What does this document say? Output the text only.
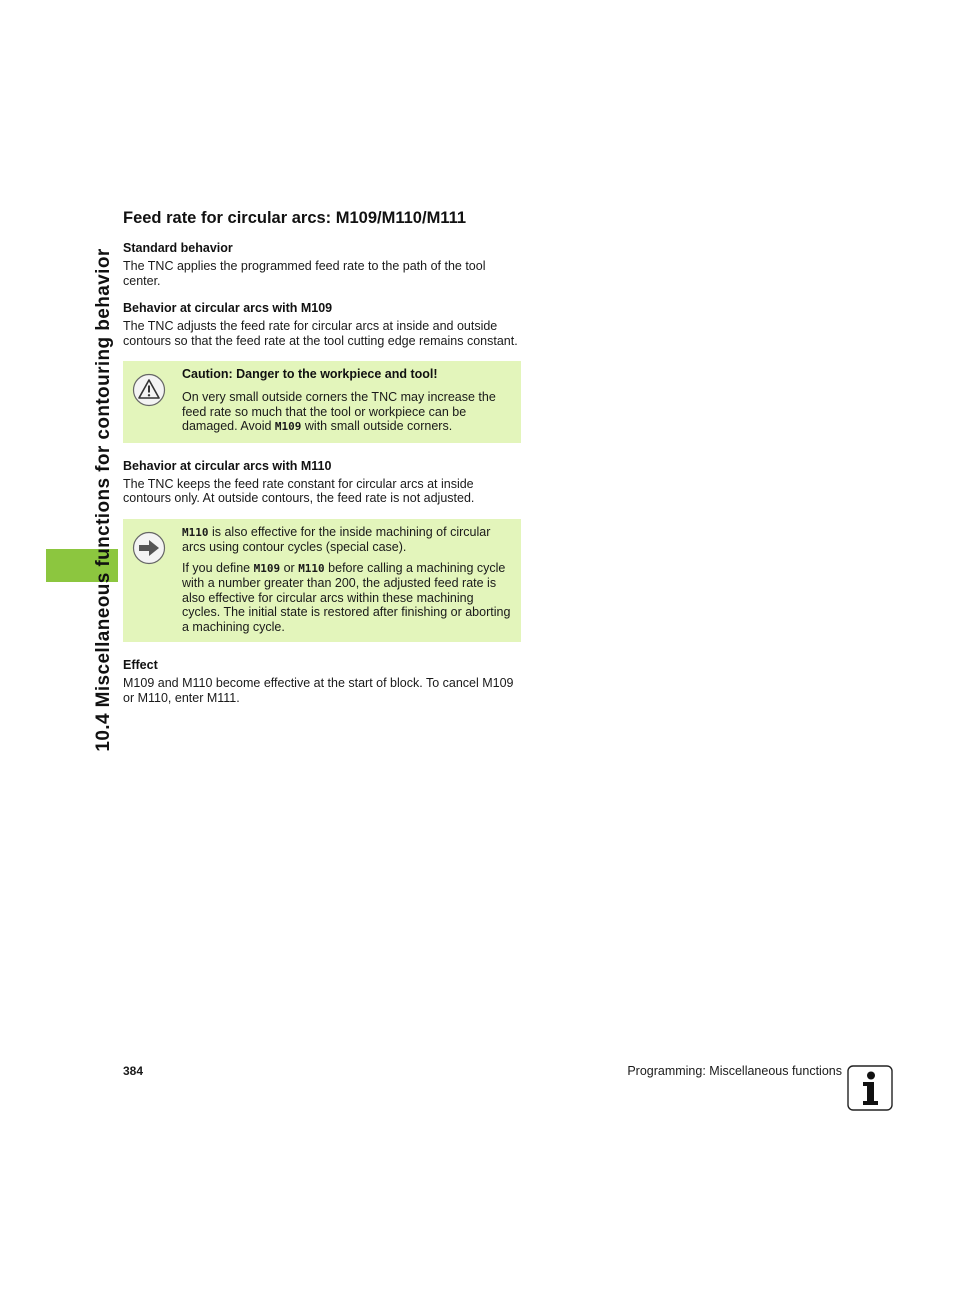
10.4 Miscellaneous functions for contouring behavior
Feed rate for circular arcs: M109/M110/M111
Standard behavior
The TNC applies the programmed feed rate to the path of the tool center.
Behavior at circular arcs with M109
The TNC adjusts the feed rate for circular arcs at inside and outside contours so that the feed rate at the tool cutting edge remains constant.
Caution: Danger to the workpiece and tool!
On very small outside corners the TNC may increase the feed rate so much that the tool or workpiece can be damaged. Avoid M109 with small outside corners.
Behavior at circular arcs with M110
The TNC keeps the feed rate constant for circular arcs at inside contours only. At outside contours, the feed rate is not adjusted.
M110 is also effective for the inside machining of circular arcs using contour cycles (special case).
If you define M109 or M110 before calling a machining cycle with a number greater than 200, the adjusted feed rate is also effective for circular arcs within these machining cycles. The initial state is restored after finishing or aborting a machining cycle.
Effect
M109 and M110 become effective at the start of block. To cancel M109 or M110, enter M111.
384	Programming: Miscellaneous functions
